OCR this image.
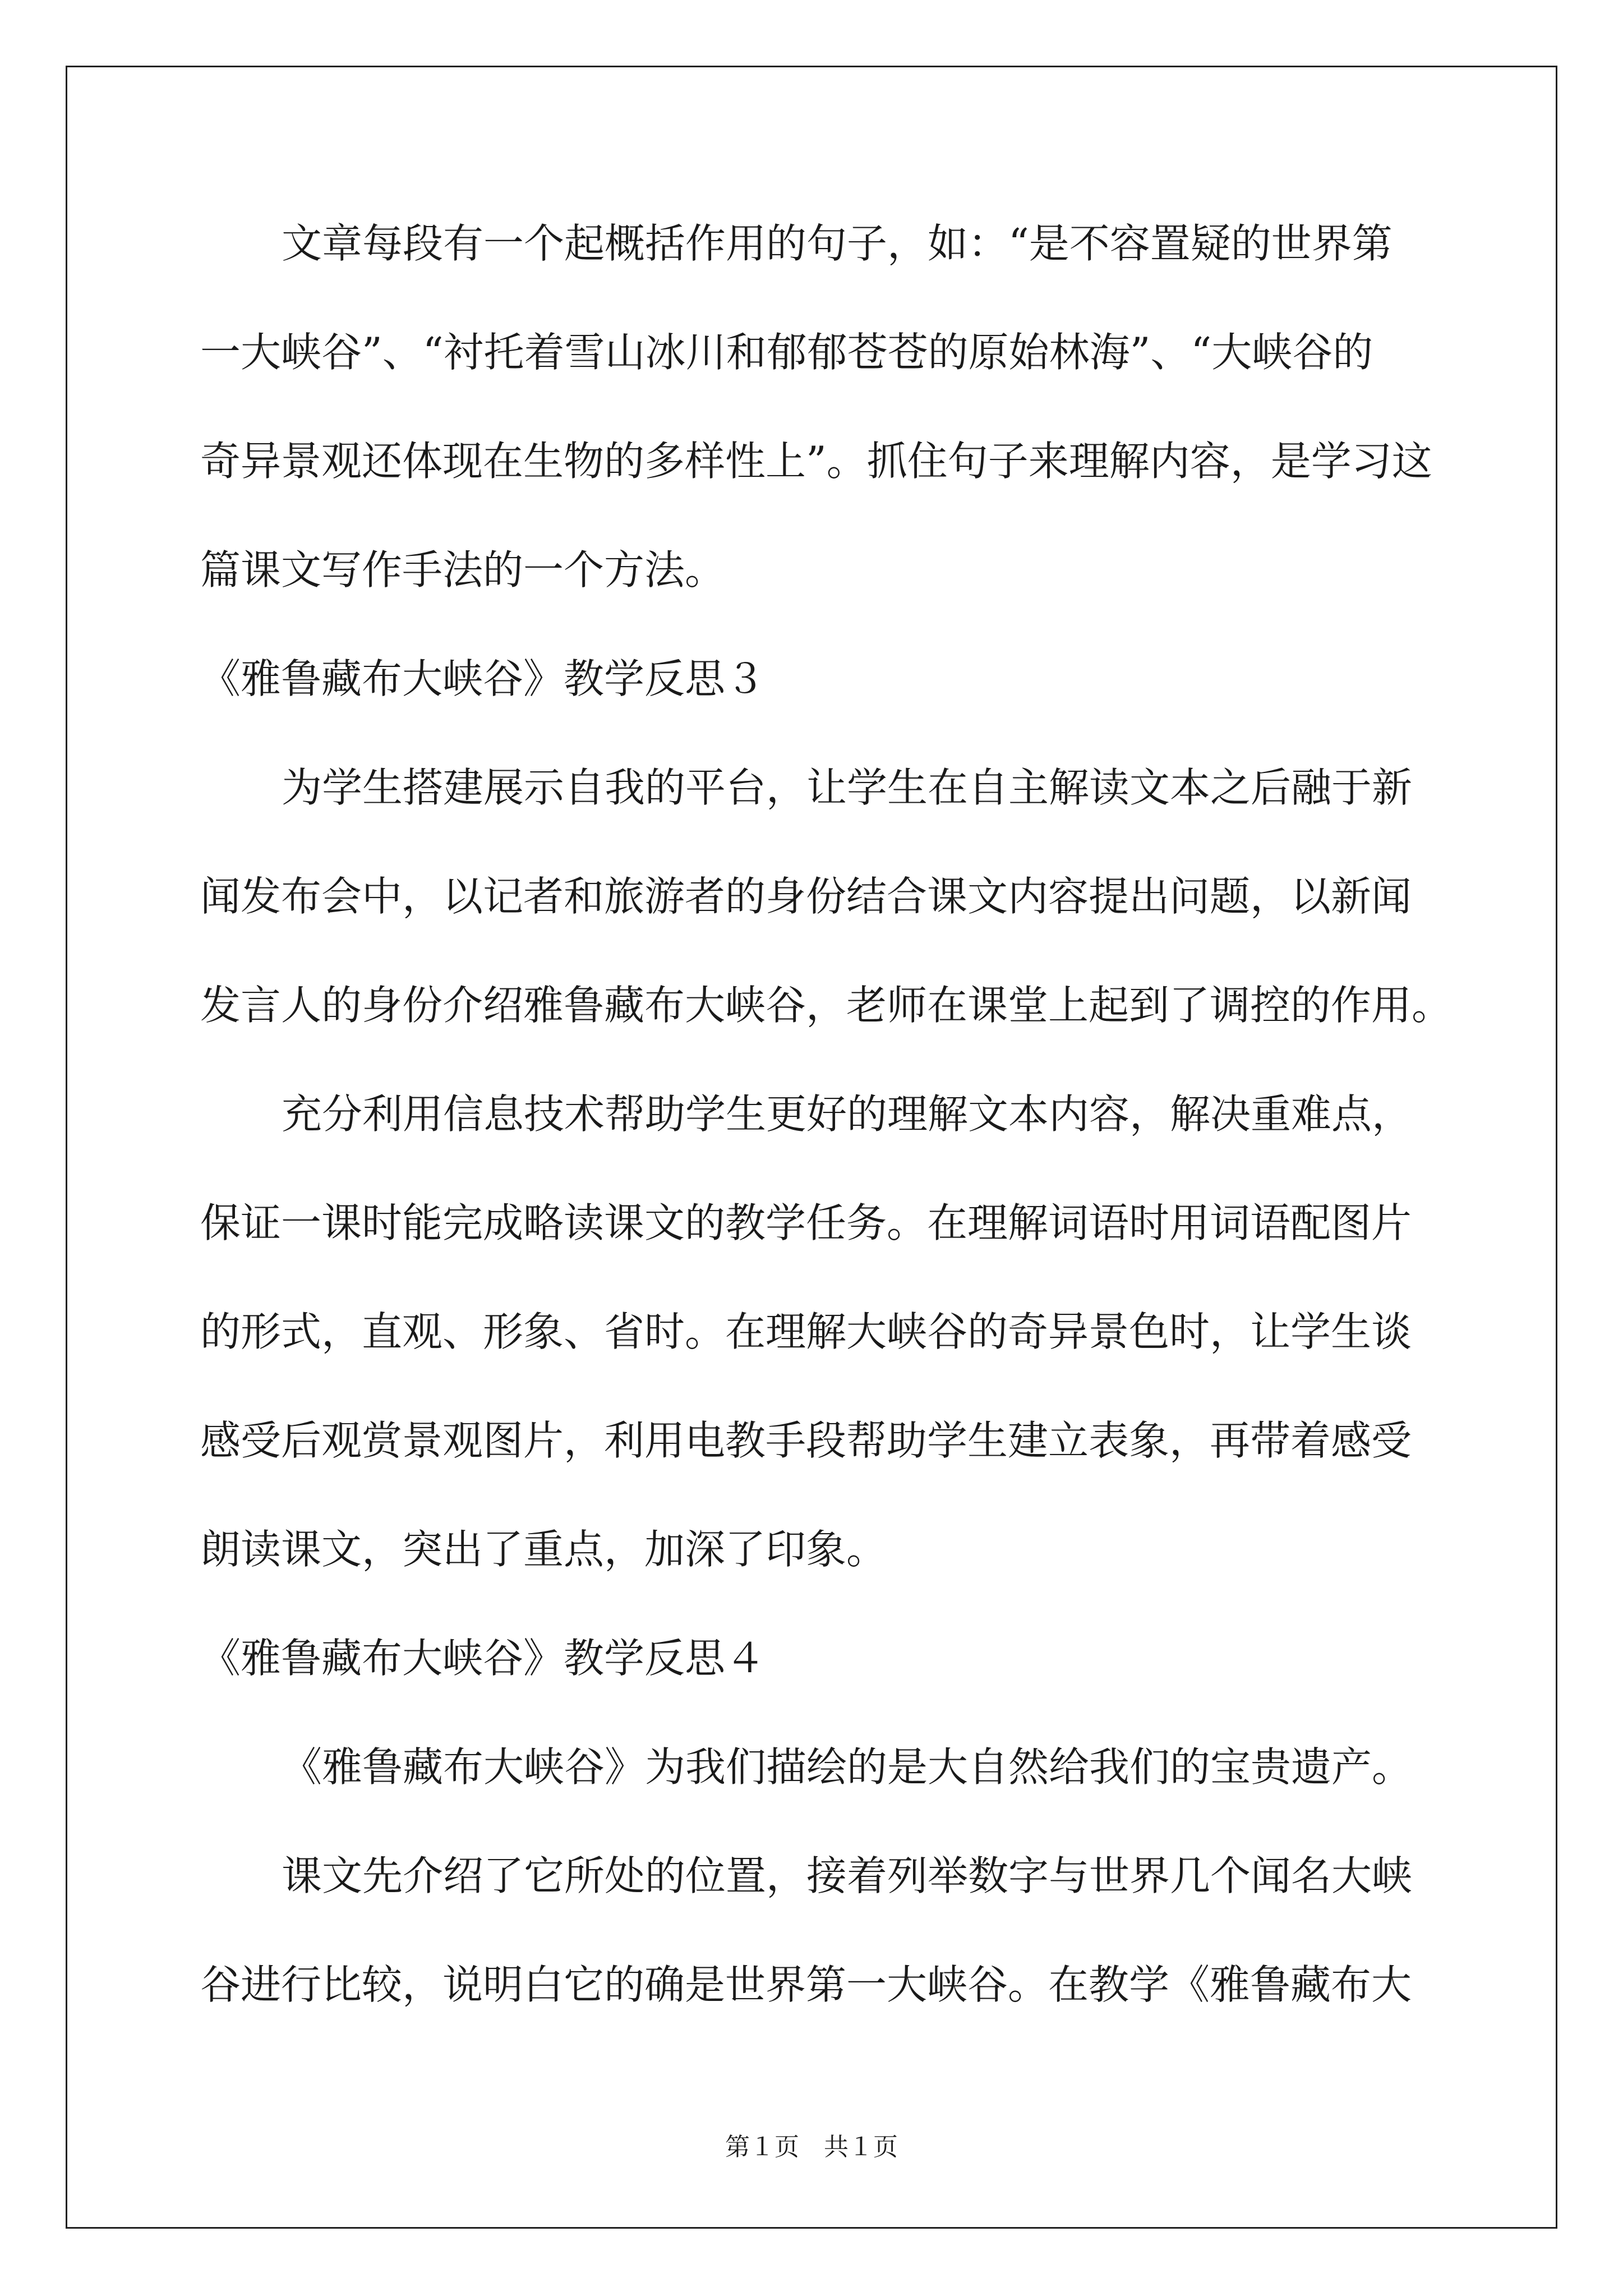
文章每段有一个起概括作用的句子，如：“是不容置疑的世界第

一大峡谷”、“衬托着雪山冰川和郁郁苍苍的原始林海”、“大峡谷的

奇异景观还体现在生物的多样性上”。抓住句子来理解内容，是学习这

篇课文写作手法的一个方法。

《雅鲁藏布大峡谷》教学反思３

为学生搭建展示自我的平台，让学生在自主解读文本之后融于新

闻发布会中，以记者和旅游者的身份结合课文内容提出问题，以新闻

发言人的身份介绍雅鲁藏布大峡谷，老师在课堂上起到了调控的作用。

充分利用信息技术帮助学生更好的理解文本内容，解决重难点，

保证一课时能完成略读课文的教学任务。在理解词语时用词语配图片

的形式，直观、形象、省时。在理解大峡谷的奇异景色时，让学生谈

感受后观赏景观图片，利用电教手段帮助学生建立表象，再带着感受

朗读课文，突出了重点，加深了印象。

《雅鲁藏布大峡谷》教学反思４

《雅鲁藏布大峡谷》为我们描绘的是大自然给我们的宝贵遗产。

课文先介绍了它所处的位置，接着列举数字与世界几个闻名大峡

谷进行比较，说明白它的确是世界第一大峡谷。在教学《雅鲁藏布大

第１页　共１页
